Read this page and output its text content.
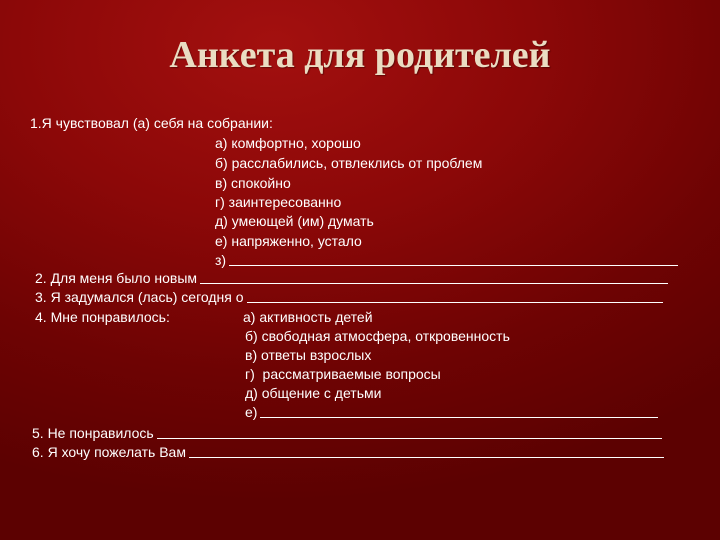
Анкета для родителей
1.Я чувствовал (а) себя на собрании:
а) комфортно, хорошо
б) расслабились, отвлеклись от проблем
в) спокойно
г) заинтересованно
д) умеющей (им) думать
е) напряженно, устало
з)
2. Для меня было новым
3. Я задумался (лась) сегодня о
4. Мне понравилось:	а) активность детей
б) свободная атмосфера, откровенность
в) ответы взрослых
г)  рассматриваемые вопросы
д) общение с детьми
е)
5. Не понравилось
6. Я хочу пожелать Вам
